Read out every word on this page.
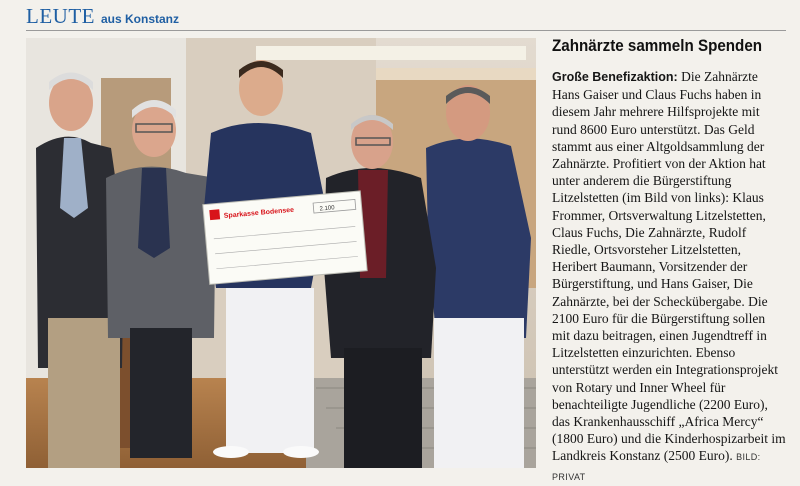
LEUTE aus Konstanz
Sparkasse Bodensee	2.100
Zahnärzte sammeln Spenden

Große Benefizaktion: Die Zahnärzte Hans Gaiser und Claus Fuchs haben in diesem Jahr mehrere Hilfsprojekte mit rund 8600 Euro unterstützt. Das Geld stammt aus einer Altgoldsammlung der Zahnärzte. Profitiert von der Aktion hat unter anderem die Bürgerstiftung Litzelstetten (im Bild von links): Klaus Frommer, Ortsverwaltung Litzelstetten, Claus Fuchs, Die Zahnärzte, Rudolf Riedle, Ortsvorsteher Litzelstetten, Heribert Baumann, Vorsitzender der Bürgerstiftung, und Hans Gaiser, Die Zahnärzte, bei der Scheckübergabe. Die 2100 Euro für die Bürgerstiftung sollen mit dazu beitragen, einen Jugendtreff in Litzelstetten einzurichten. Ebenso unterstützt werden ein Integrationsprojekt von Rotary und Inner Wheel für benachteiligte Jugendliche (2200 Euro), das Krankenhausschiff „Africa Mercy“ (1800 Euro) und die Kinderhospizarbeit im Landkreis Konstanz (2500 Euro). BILD: PRIVAT
